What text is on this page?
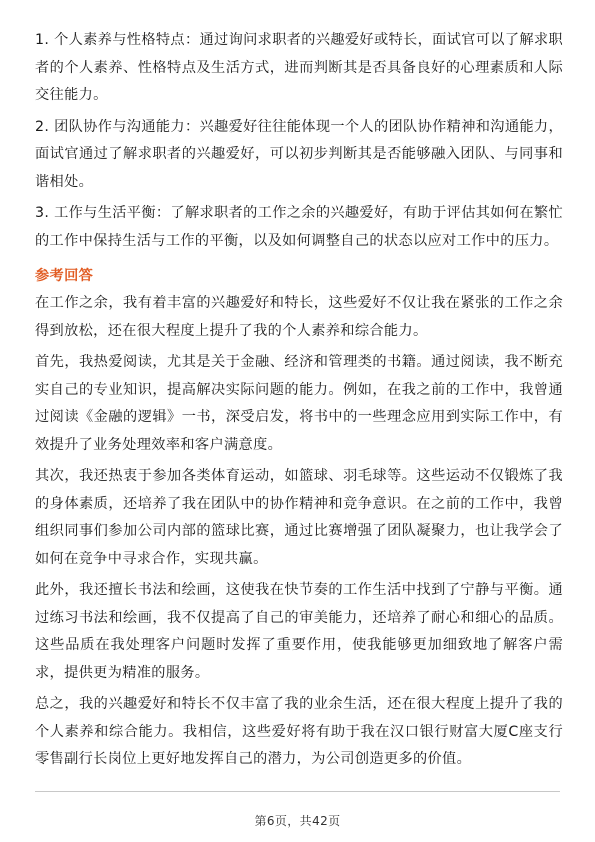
1. 个人素养与性格特点：通过询问求职者的兴趣爱好或特长，面试官可以了解求职者的个人素养、性格特点及生活方式，进而判断其是否具备良好的心理素质和人际交往能力。

2. 团队协作与沟通能力：兴趣爱好往往能体现一个人的团队协作精神和沟通能力，面试官通过了解求职者的兴趣爱好，可以初步判断其是否能够融入团队、与同事和谐相处。

3. 工作与生活平衡：了解求职者的工作之余的兴趣爱好，有助于评估其如何在繁忙的工作中保持生活与工作的平衡，以及如何调整自己的状态以应对工作中的压力。

参考回答

在工作之余，我有着丰富的兴趣爱好和特长，这些爱好不仅让我在紧张的工作之余得到放松，还在很大程度上提升了我的个人素养和综合能力。

首先，我热爱阅读，尤其是关于金融、经济和管理类的书籍。通过阅读，我不断充实自己的专业知识，提高解决实际问题的能力。例如，在我之前的工作中，我曾通过阅读《金融的逻辑》一书，深受启发，将书中的一些理念应用到实际工作中，有效提升了业务处理效率和客户满意度。

其次，我还热衷于参加各类体育运动，如篮球、羽毛球等。这些运动不仅锻炼了我的身体素质，还培养了我在团队中的协作精神和竞争意识。在之前的工作中，我曾组织同事们参加公司内部的篮球比赛，通过比赛增强了团队凝聚力，也让我学会了如何在竞争中寻求合作，实现共赢。

此外，我还擅长书法和绘画，这使我在快节奏的工作生活中找到了宁静与平衡。通过练习书法和绘画，我不仅提高了自己的审美能力，还培养了耐心和细心的品质。这些品质在我处理客户问题时发挥了重要作用，使我能够更加细致地了解客户需求，提供更为精准的服务。

总之，我的兴趣爱好和特长不仅丰富了我的业余生活，还在很大程度上提升了我的个人素养和综合能力。我相信，这些爱好将有助于我在汉口银行财富大厦C座支行零售副行长岗位上更好地发挥自己的潜力，为公司创造更多的价值。

第6页，共42页
